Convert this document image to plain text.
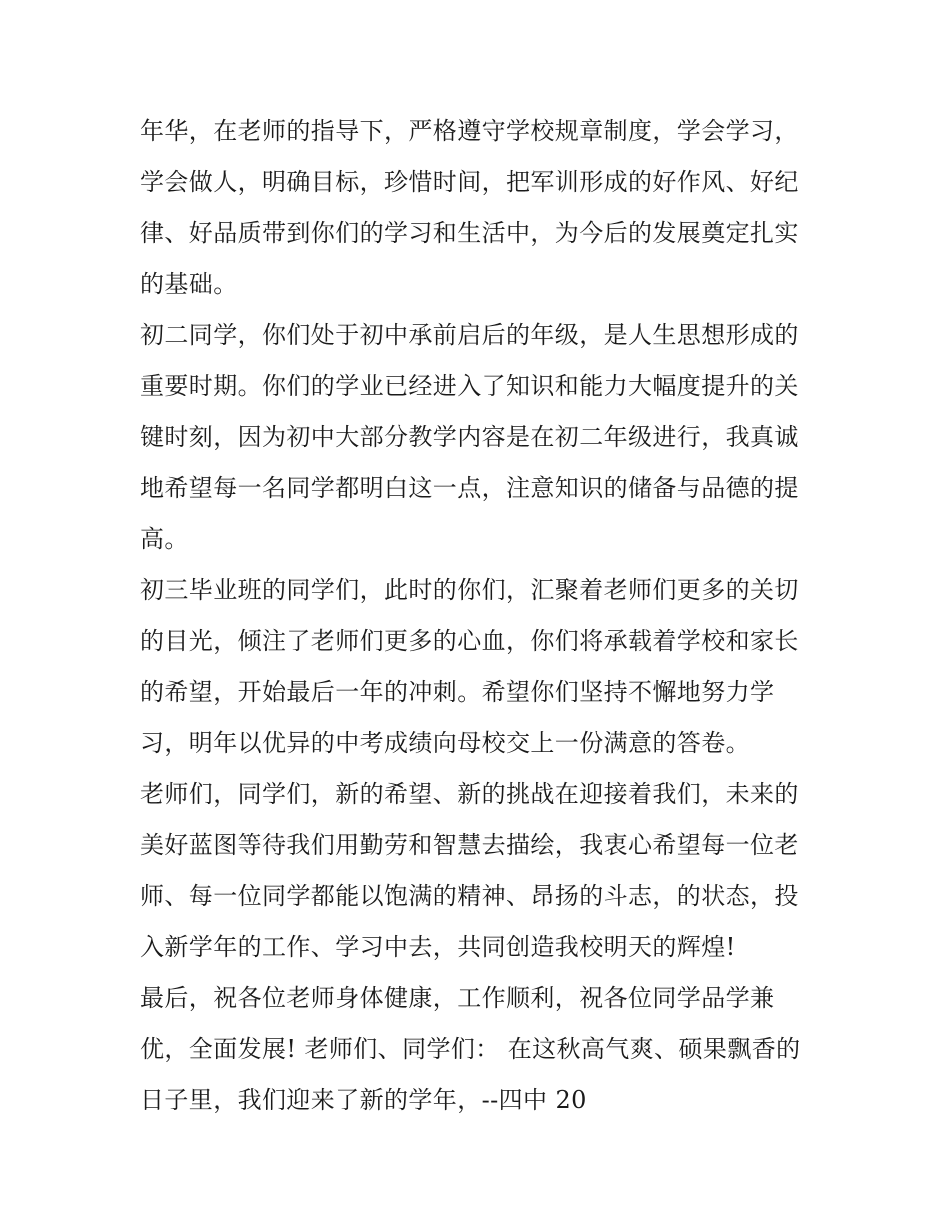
年华，在老师的指导下，严格遵守学校规章制度，学会学习，
学会做人，明确目标，珍惜时间，把军训形成的好作风、好纪
律、好品质带到你们的学习和生活中，为今后的发展奠定扎实
的基础。
初二同学，你们处于初中承前启后的年级，是人生思想形成的
重要时期。你们的学业已经进入了知识和能力大幅度提升的关
键时刻，因为初中大部分教学内容是在初二年级进行，我真诚
地希望每一名同学都明白这一点，注意知识的储备与品德的提
高。
初三毕业班的同学们，此时的你们，汇聚着老师们更多的关切
的目光，倾注了老师们更多的心血，你们将承载着学校和家长
的希望，开始最后一年的冲刺。希望你们坚持不懈地努力学
习，明年以优异的中考成绩向母校交上一份满意的答卷。
老师们，同学们，新的希望、新的挑战在迎接着我们，未来的
美好蓝图等待我们用勤劳和智慧去描绘，我衷心希望每一位老
师、每一位同学都能以饱满的精神、昂扬的斗志，的状态，投
入新学年的工作、学习中去，共同创造我校明天的辉煌!
最后，祝各位老师身体健康，工作顺利，祝各位同学品学兼
优，全面发展! 老师们、同学们： 在这秋高气爽、硕果飘香的
日子里，我们迎来了新的学年，--四中 20
